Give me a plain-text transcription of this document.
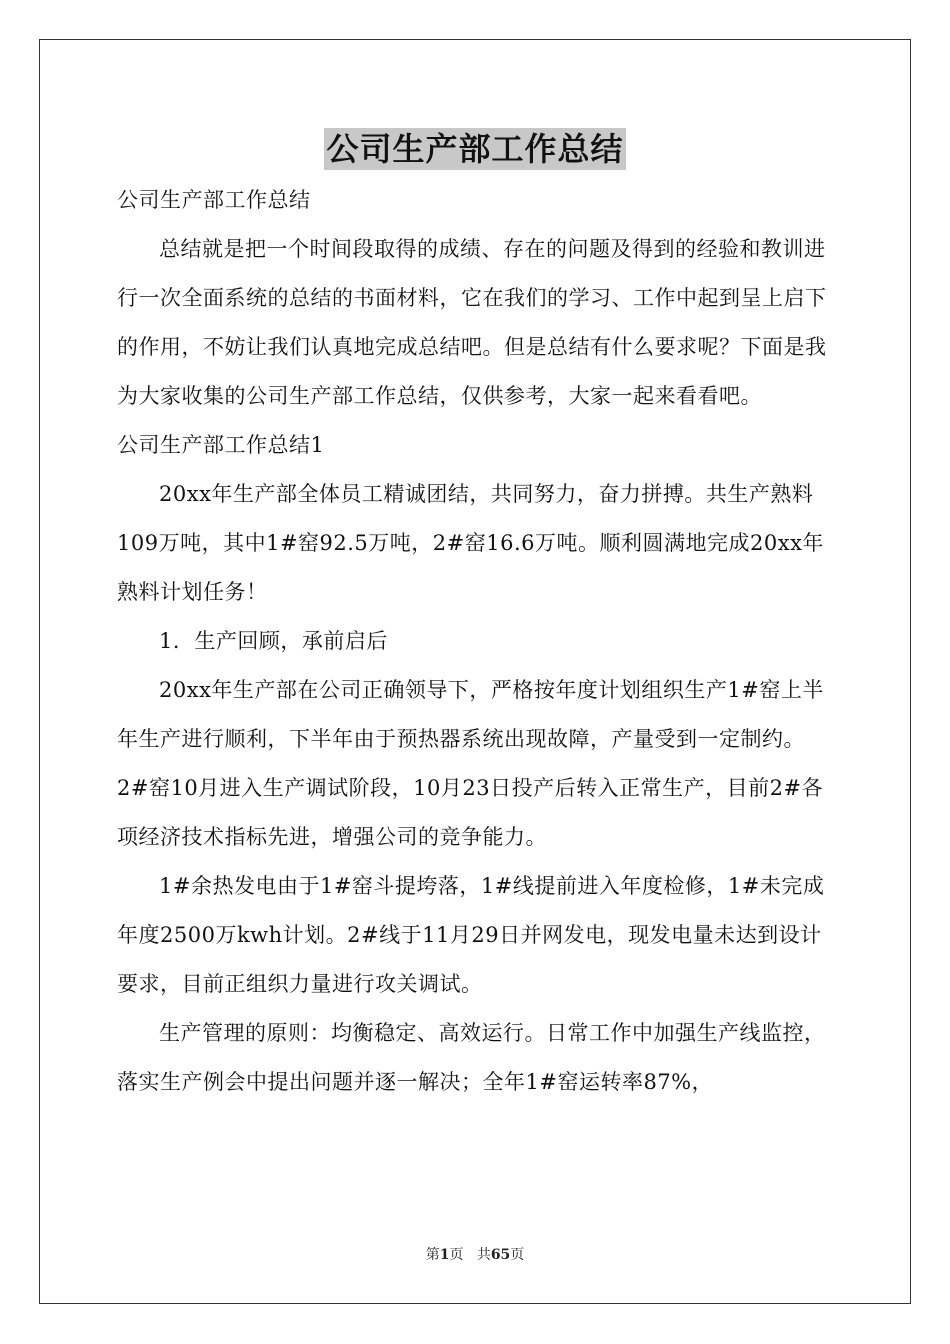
公司生产部工作总结

公司生产部工作总结

总结就是把一个时间段取得的成绩、存在的问题及得到的经验和教训进行一次全面系统的总结的书面材料，它在我们的学习、工作中起到呈上启下的作用，不妨让我们认真地完成总结吧。但是总结有什么要求呢？下面是我为大家收集的公司生产部工作总结，仅供参考，大家一起来看看吧。

公司生产部工作总结1

20xx年生产部全体员工精诚团结，共同努力，奋力拼搏。共生产熟料109万吨，其中1#窑92.5万吨，2#窑16.6万吨。顺利圆满地完成20xx年熟料计划任务！

1．生产回顾，承前启后

20xx年生产部在公司正确领导下，严格按年度计划组织生产1#窑上半年生产进行顺利，下半年由于预热器系统出现故障，产量受到一定制约。2#窑10月进入生产调试阶段，10月23日投产后转入正常生产，目前2#各项经济技术指标先进，增强公司的竞争能力。

1#余热发电由于1#窑斗提垮落，1#线提前进入年度检修，1#未完成年度2500万kwh计划。2#线于11月29日并网发电，现发电量未达到设计要求，目前正组织力量进行攻关调试。

生产管理的原则：均衡稳定、高效运行。日常工作中加强生产线监控，落实生产例会中提出问题并逐一解决；全年1#窑运转率87%，

第1页 共65页
